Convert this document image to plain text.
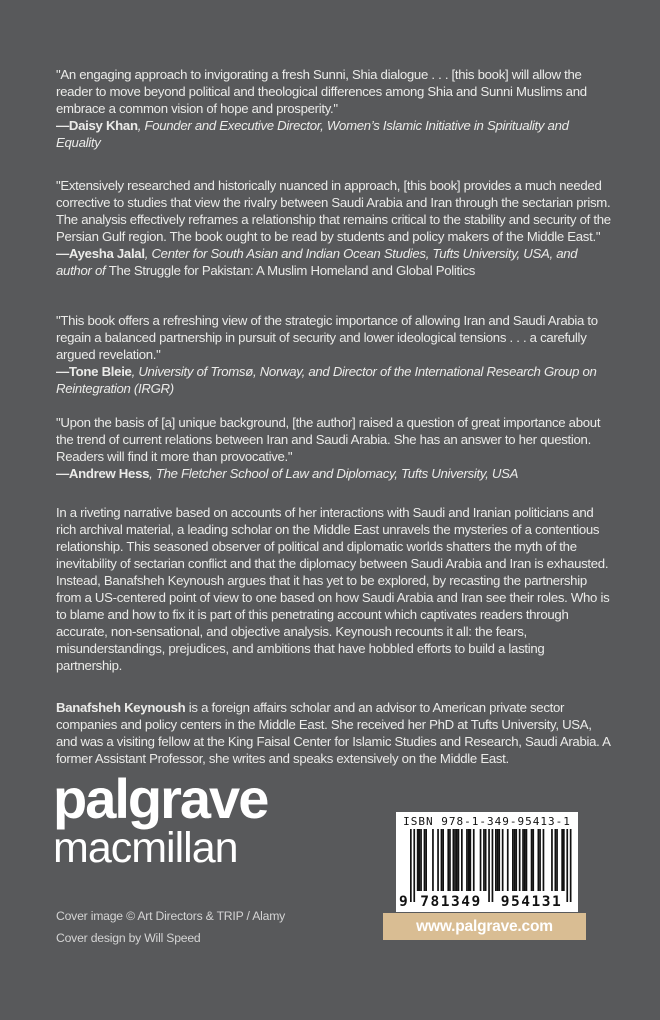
"An engaging approach to invigorating a fresh Sunni, Shia dialogue . . . [this book] will allow the reader to move beyond political and theological differences among Shia and Sunni Muslims and embrace a common vision of hope and prosperity."
—Daisy Khan, Founder and Executive Director, Women’s Islamic Initiative in Spirituality and Equality
"Extensively researched and historically nuanced in approach, [this book] provides a much needed corrective to studies that view the rivalry between Saudi Arabia and Iran through the sectarian prism. The analysis effectively reframes a relationship that remains critical to the stability and security of the Persian Gulf region. The book ought to be read by students and policy makers of the Middle East."
—Ayesha Jalal, Center for South Asian and Indian Ocean Studies, Tufts University, USA, and author of The Struggle for Pakistan: A Muslim Homeland and Global Politics
"This book offers a refreshing view of the strategic importance of allowing Iran and Saudi Arabia to regain a balanced partnership in pursuit of security and lower ideological tensions . . . a carefully argued revelation."
—Tone Bleie, University of Tromsø, Norway, and Director of the International Research Group on Reintegration (IRGR)
"Upon the basis of [a] unique background, [the author] raised a question of great importance about the trend of current relations between Iran and Saudi Arabia. She has an answer to her question. Readers will find it more than provocative."
—Andrew Hess, The Fletcher School of Law and Diplomacy, Tufts University, USA
In a riveting narrative based on accounts of her interactions with Saudi and Iranian politicians and rich archival material, a leading scholar on the Middle East unravels the mysteries of a contentious relationship. This seasoned observer of political and diplomatic worlds shatters the myth of the inevitability of sectarian conflict and that the diplomacy between Saudi Arabia and Iran is exhausted. Instead, Banafsheh Keynoush argues that it has yet to be explored, by recasting the partnership from a US-centered point of view to one based on how Saudi Arabia and Iran see their roles. Who is to blame and how to fix it is part of this penetrating account which captivates readers through accurate, non-sensational, and objective analysis. Keynoush recounts it all: the fears, misunderstandings, prejudices, and ambitions that have hobbled efforts to build a lasting partnership.
Banafsheh Keynoush is a foreign affairs scholar and an advisor to American private sector companies and policy centers in the Middle East. She received her PhD at Tufts University, USA, and was a visiting fellow at the King Faisal Center for Islamic Studies and Research, Saudi Arabia. A former Assistant Professor, she writes and speaks extensively on the Middle East.
palgrave
macmillan
Cover image © Art Directors & TRIP / Alamy
Cover design by Will Speed
ISBN 978-1-349-95413-1
9 781349	954131
www.palgrave.com
